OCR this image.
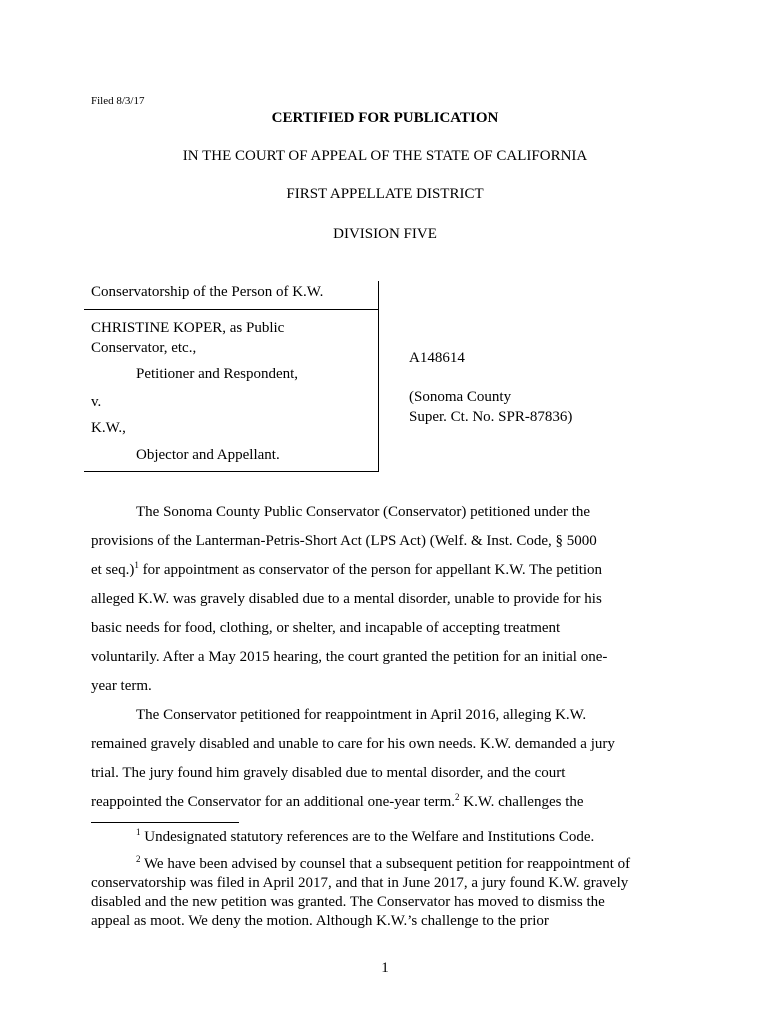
Filed 8/3/17
CERTIFIED FOR PUBLICATION
IN THE COURT OF APPEAL OF THE STATE OF CALIFORNIA
FIRST APPELLATE DISTRICT
DIVISION FIVE
Conservatorship of the Person of K.W.
CHRISTINE KOPER, as Public
Conservator, etc.,
Petitioner and Respondent,
v.
K.W.,
Objector and Appellant.
A148614
(Sonoma County
Super. Ct. No. SPR-87836)
The Sonoma County Public Conservator (Conservator) petitioned under the
provisions of the Lanterman-Petris-Short Act (LPS Act) (Welf. & Inst. Code, § 5000
et seq.)$^1$ for appointment as conservator of the person for appellant K.W. The petition
alleged K.W. was gravely disabled due to a mental disorder, unable to provide for his
basic needs for food, clothing, or shelter, and incapable of accepting treatment
voluntarily. After a May 2015 hearing, the court granted the petition for an initial one-
year term.
The Conservator petitioned for reappointment in April 2016, alleging K.W.
remained gravely disabled and unable to care for his own needs. K.W. demanded a jury
trial. The jury found him gravely disabled due to mental disorder, and the court
reappointed the Conservator for an additional one-year term.$^2$ K.W. challenges the
$^1$ Undesignated statutory references are to the Welfare and Institutions Code.
$^2$ We have been advised by counsel that a subsequent petition for reappointment of
conservatorship was filed in April 2017, and that in June 2017, a jury found K.W. gravely
disabled and the new petition was granted. The Conservator has moved to dismiss the
appeal as moot. We deny the motion. Although K.W.’s challenge to the prior
1
